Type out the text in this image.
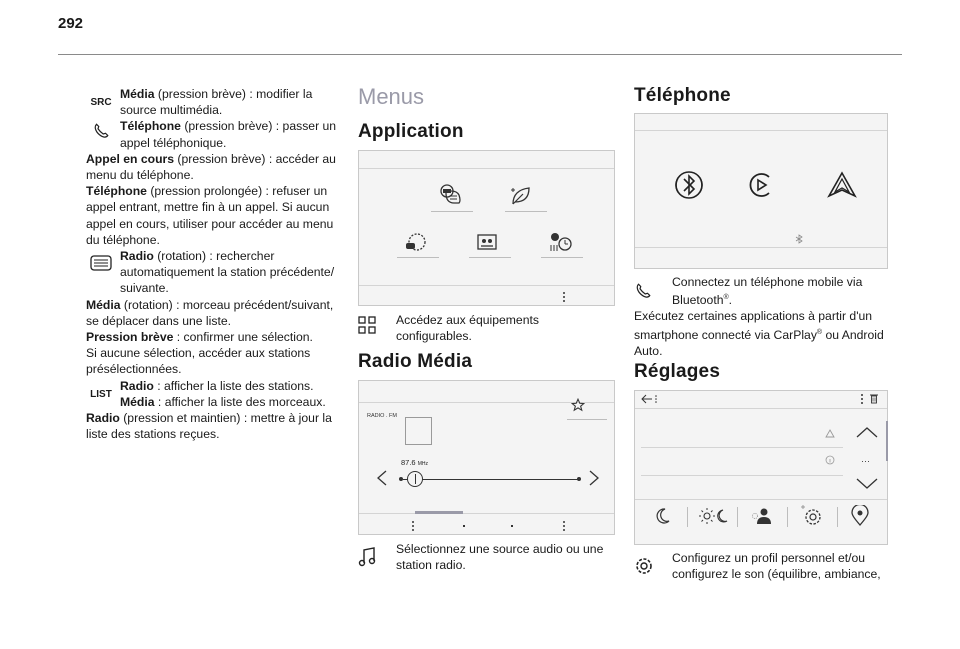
292
SRC
Média (pression brève) : modifier la source multimédia.
Téléphone (pression brève) : passer un appel téléphonique.
Appel en cours (pression brève) : accéder au menu du téléphone.
Téléphone (pression prolongée) : refuser un appel entrant, mettre fin à un appel. Si aucun appel en cours, utiliser pour accéder au menu du téléphone.
Radio (rotation) : rechercher automatiquement la station précédente/ suivante.
Média (rotation) : morceau précédent/suivant, se déplacer dans une liste.
Pression brève : confirmer une sélection.
Si aucune sélection, accéder aux stations présélectionnées.
LIST
Radio : afficher la liste des stations.
Média : afficher la liste des morceaux.
Radio (pression et maintien) : mettre à jour la liste des stations reçues.
Menus
Application
Accédez aux équipements configurables.
Radio Média
RADIO . FM
87.6 MHz
Sélectionnez une source audio ou une station radio.
Téléphone
Connectez un téléphone mobile via Bluetooth®.
Exécutez certaines applications à partir d'un smartphone connecté via CarPlay® ou Android Auto.
Réglages
···
Configurez un profil personnel et/ou configurez le son (équilibre, ambiance,
